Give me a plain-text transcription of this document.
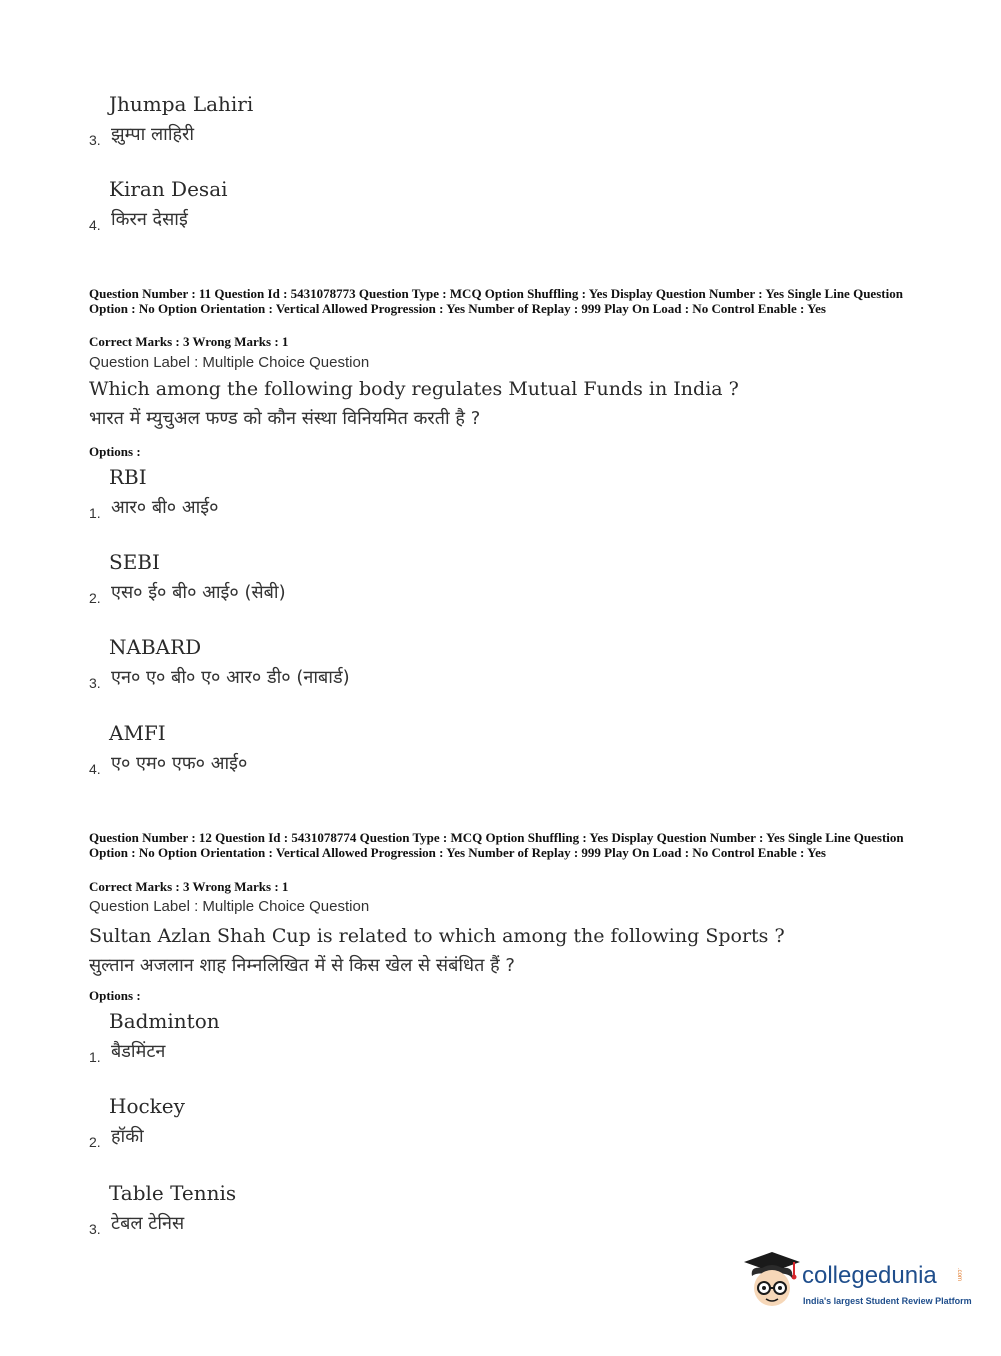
Jhumpa Lahiri
झुम्पा लाहिरी
3.
Kiran Desai
किरन देसाई
4.
Question Number : 11 Question Id : 5431078773 Question Type : MCQ Option Shuffling : Yes Display Question Number : Yes Single Line Question Option : No Option Orientation : Vertical Allowed Progression : Yes Number of Replay : 999 Play On Load : No Control Enable : Yes
Correct Marks : 3 Wrong Marks : 1
Question Label : Multiple Choice Question
Which among the following body regulates Mutual Funds in India ?
भारत में म्युचुअल फण्ड को कौन संस्था विनियमित करती है ?
Options :
RBI
आर० बी० आई०
1.
SEBI
एस० ई० बी० आई० (सेबी)
2.
NABARD
एन० ए० बी० ए० आर० डी० (नाबार्ड)
3.
AMFI
ए० एम० एफ० आई०
4.
Question Number : 12 Question Id : 5431078774 Question Type : MCQ Option Shuffling : Yes Display Question Number : Yes Single Line Question Option : No Option Orientation : Vertical Allowed Progression : Yes Number of Replay : 999 Play On Load : No Control Enable : Yes
Correct Marks : 3 Wrong Marks : 1
Question Label : Multiple Choice Question
Sultan Azlan Shah Cup is related to which among the following Sports ?
सुल्तान अजलान शाह निम्नलिखित में से किस खेल से संबंधित हैं ?
Options :
Badminton
बैडमिंटन
1.
Hockey
हॉकी
2.
Table Tennis
टेबल टेनिस
3.
collegedunia	.com
India's largest Student Review Platform
